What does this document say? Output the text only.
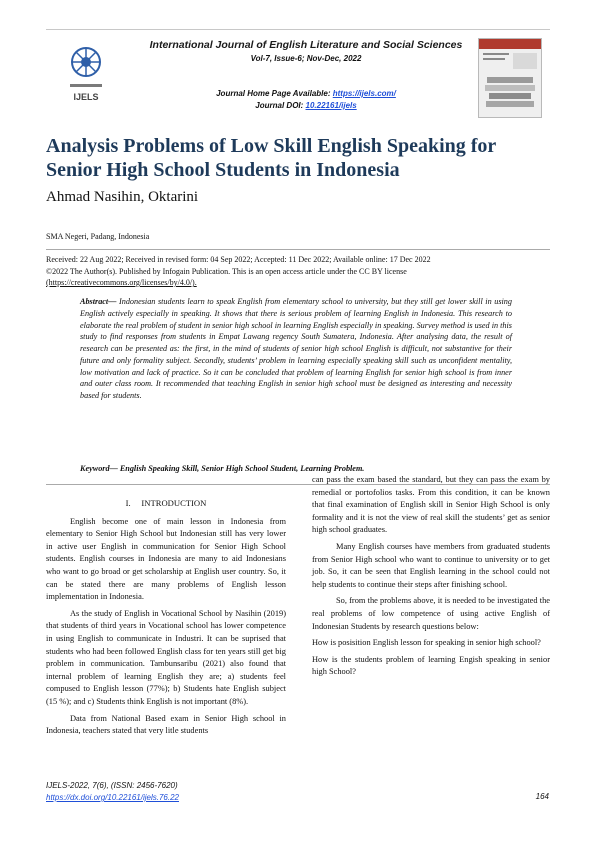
IJELS
International Journal of English Literature and Social Sciences
Vol-7, Issue-6; Nov-Dec, 2022
Journal Home Page Available: https://ijels.com/
Journal DOI: 10.22161/ijels
Analysis Problems of Low Skill English Speaking for Senior High School Students in Indonesia
Ahmad Nasihin, Oktarini
SMA Negeri, Padang, Indonesia
Received: 22 Aug 2022; Received in revised form: 04 Sep 2022; Accepted: 11 Dec 2022; Available online: 17 Dec 2022
©2022 The Author(s). Published by Infogain Publication. This is an open access article under the CC BY license
(https://creativecommons.org/licenses/by/4.0/).
Abstract— Indonesian students learn to speak English from elementary school to university, but they still get lower skill in using English actively especially in speaking. It shows that there is serious problem of learning English in Indonesia. This research to elaborate the real problem of student in senior high school in learning English especially in speaking. Survey method is used in this study to find responses from students in Empat Lawang regency South Sumatera, Indonesia. After analysing data, the result of research can be presented as: the first, in the mind of students of senior high school English is difficult, not substantive for their future and only formality subject. Secondly, students’ problem in learning especially speaking skill such as unconfident mentality, low motivation and lack of practice. So it can be concluded that problem of learning English for senior high school is from inner and outer class room. It recommended that teaching English in senior high school must be designed as interesting and necessity based for students.
Keyword— English Speaking Skill, Senior High School Student, Learning Problem.
I. INTRODUCTION

English become one of main lesson in Indonesia from elementary to Senior High School but Indonesian still has very lower in active user English in communication for Senior High School students. English courses in Indonesia are many to aid Indonesians who want to go broad or get scholarship at English user country. So, it can be stated there are many problems of English lesson implementation in Indonesia.

As the study of English in Vocational School by Nasihin (2019) that students of third years in Vocational school has lower competence in using English to communicate in Industri. It can be suprised that students who had been followed English class for ten years still get big problem in communication. Tambunsaribu (2021) also found that internal problem of learning English they are; a) students feel compused to English lesson (77%); b) Students hate English subject (15 %); and c) Students think English is not important (8%).

Data from National Based exam in Senior High school in Indonesia, teachers stated that very litle students

can pass the exam based the standard, but they can pass the exam by remedial or portofolios tasks. From this condition, it can be known that final examination of English skill in Senior High School is only formality and it is not the view of real skill the students’ get as senior high school graduates.

Many English courses have members from graduated students from Senior High school who want to continue to university or to get job. So, it can be seen that English learning in the school could not help students to continue their steps after finishing school.

So, from the problems above, it is needed to be investigated the real problems of low competence of using active English of Indonesian Students by research questions below:

How is posisition English lesson for speaking in senior high school?

How is the students problem of learning Engish speaking in senior high School?

IJELS-2022, 7(6), (ISSN: 2456-7620)
https://dx.doi.org/10.22161/ijels.76.22	164
